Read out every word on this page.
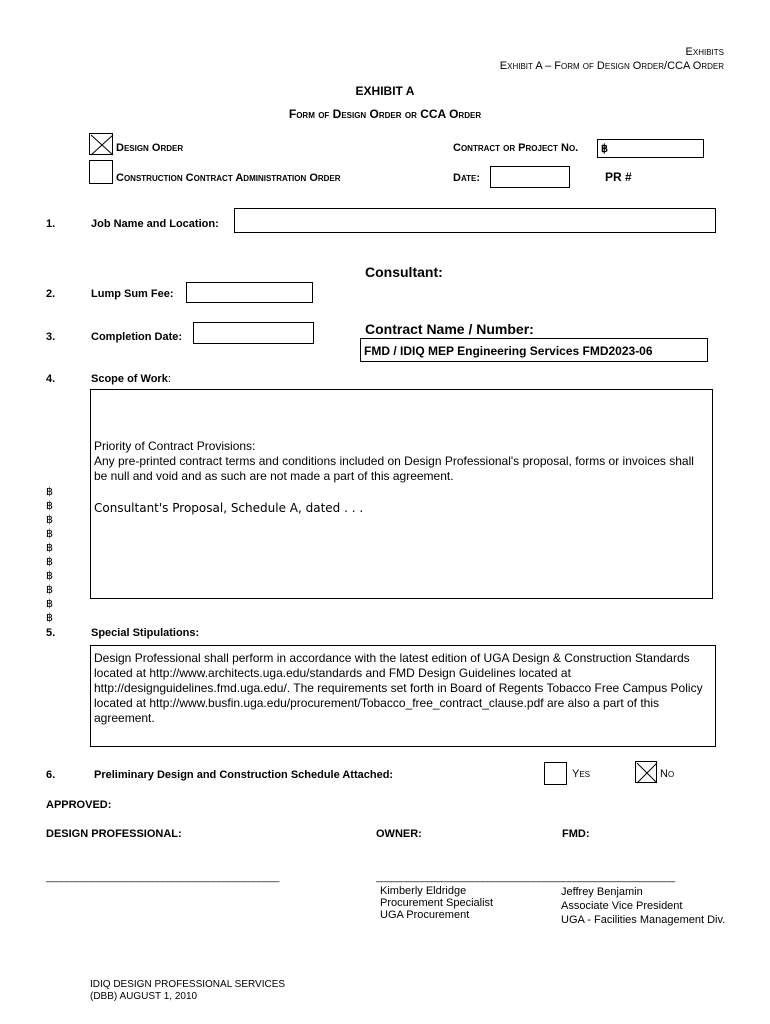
Exhibits
Exhibit A – Form of Design Order/CCA Order
EXHIBIT A
Form of Design Order or CCA Order
Design Order
Construction Contract Administration Order
Contract or Project No. ฿
Date:	PR #
1.	Job Name and Location:
Consultant:
2.	Lump Sum Fee:
3.	Completion Date:	Contract Name / Number:
FMD / IDIQ MEP Engineering Services FMD2023-06
4.	Scope of Work:
Priority of Contract Provisions:
Any pre-printed contract terms and conditions included on Design Professional's proposal, forms or invoices shall be null and void and as such are not made a part of this agreement.
Consultant's Proposal, Schedule A, dated . . .
฿
฿
฿
฿
฿
฿
฿
฿
฿
฿
5.	Special Stipulations:
Design Professional shall perform in accordance with the latest edition of UGA Design & Construction Standards located at http://www.architects.uga.edu/standards and FMD Design Guidelines located at http://designguidelines.fmd.uga.edu/. The requirements set forth in Board of Regents Tobacco Free Campus Policy located at http://www.busfin.uga.edu/procurement/Tobacco_free_contract_clause.pdf are also a part of this agreement.
6.	Preliminary Design and Construction Schedule Attached:	Yes	No
APPROVED:
DESIGN PROFESSIONAL:	OWNER:	FMD:
______________________________________________	___________________________________________________________
Kimberly Eldridge
Procurement Specialist
UGA Procurement
Jeffrey Benjamin
Associate Vice President
UGA - Facilities Management Div.
IDIQ DESIGN PROFESSIONAL SERVICES
(DBB) AUGUST 1, 2010
